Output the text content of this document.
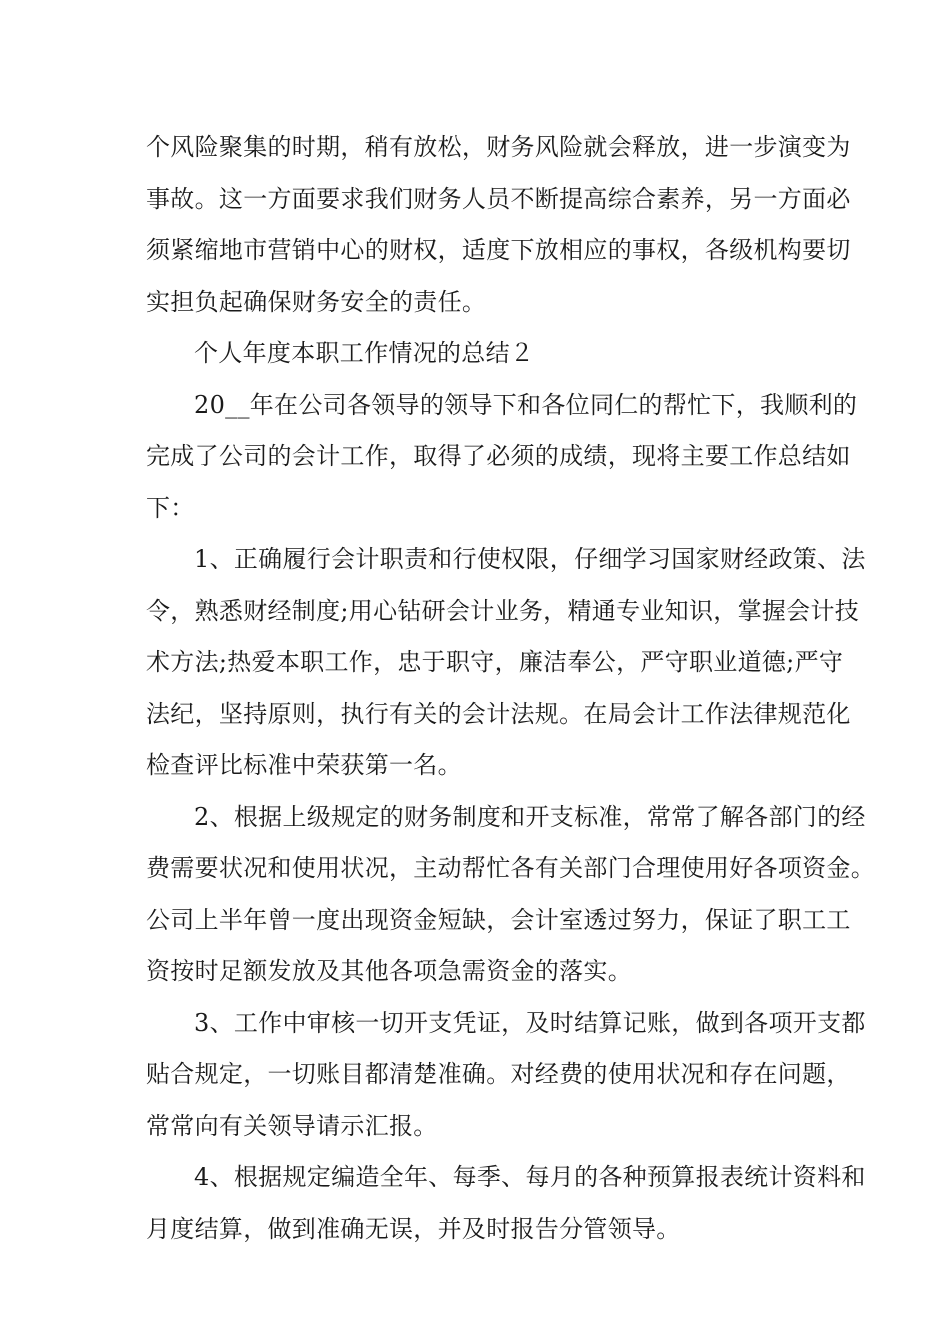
个风险聚集的时期，稍有放松，财务风险就会释放，进一步演变为
事故。这一方面要求我们财务人员不断提高综合素养，另一方面必
须紧缩地市营销中心的财权，适度下放相应的事权，各级机构要切
实担负起确保财务安全的责任。
个人年度本职工作情况的总结２
20__年在公司各领导的领导下和各位同仁的帮忙下，我顺利的
完成了公司的会计工作，取得了必须的成绩，现将主要工作总结如
下：
1、正确履行会计职责和行使权限，仔细学习国家财经政策、法
令，熟悉财经制度;用心钻研会计业务，精通专业知识，掌握会计技
术方法;热爱本职工作，忠于职守，廉洁奉公，严守职业道德;严守
法纪，坚持原则，执行有关的会计法规。在局会计工作法律规范化
检查评比标准中荣获第一名。
2、根据上级规定的财务制度和开支标准，常常了解各部门的经
费需要状况和使用状况，主动帮忙各有关部门合理使用好各项资金。
公司上半年曾一度出现资金短缺，会计室透过努力，保证了职工工
资按时足额发放及其他各项急需资金的落实。
3、工作中审核一切开支凭证，及时结算记账，做到各项开支都
贴合规定，一切账目都清楚准确。对经费的使用状况和存在问题，
常常向有关领导请示汇报。
4、根据规定编造全年、每季、每月的各种预算报表统计资料和
月度结算，做到准确无误，并及时报告分管领导。
